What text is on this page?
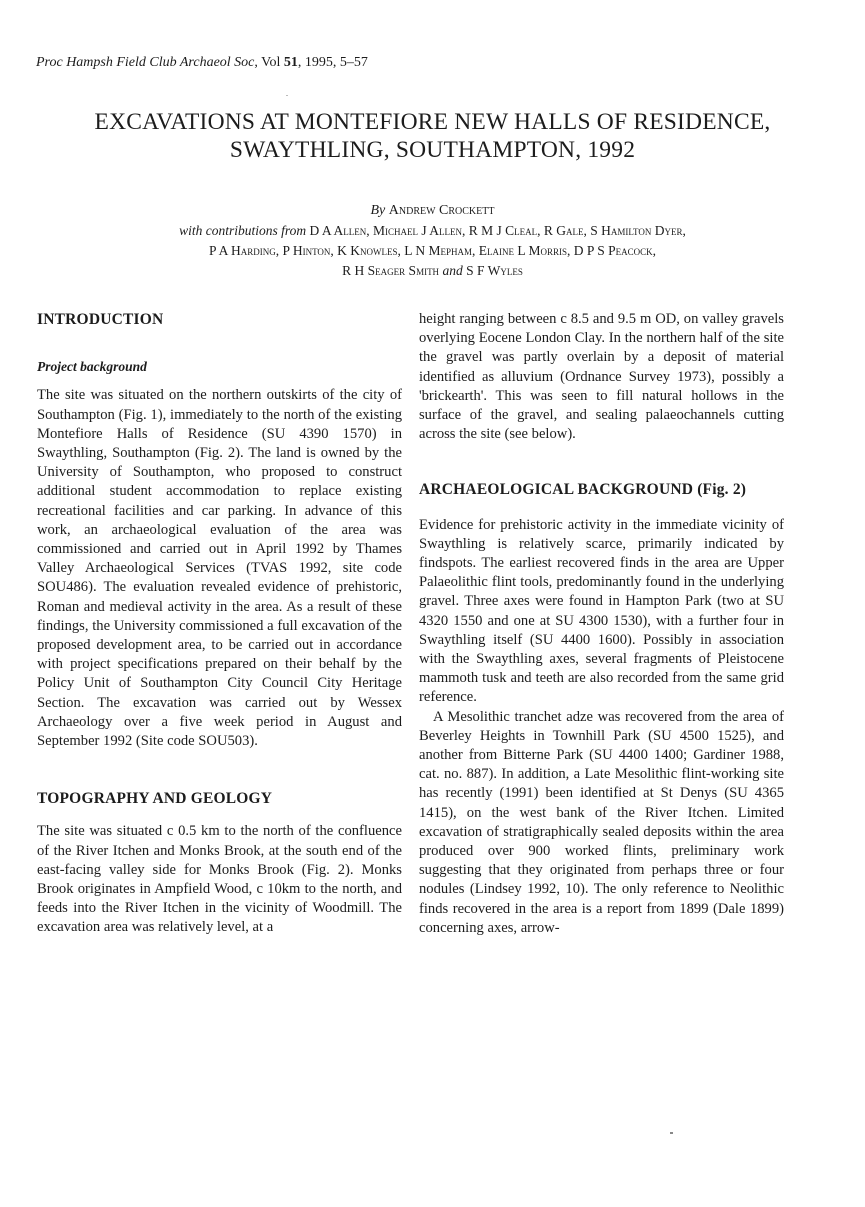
Proc Hampsh Field Club Archaeol Soc, Vol 51, 1995, 5–57
EXCAVATIONS AT MONTEFIORE NEW HALLS OF RESIDENCE,
SWAYTHLING, SOUTHAMPTON, 1992
By Andrew Crockett
with contributions from D A Allen, Michael J Allen, R M J Cleal, R Gale, S Hamilton Dyer,
P A Harding, P Hinton, K Knowles, L N Mepham, Elaine L Morris, D P S Peacock,
R H Seager Smith and S F Wyles
INTRODUCTION
Project background

The site was situated on the northern outskirts of the city of Southampton (Fig. 1), immediately to the north of the existing Montefiore Halls of Residence (SU 4390 1570) in Swaythling, Southampton (Fig. 2). The land is owned by the University of Southampton, who proposed to construct additional student accommodation to replace existing recreational facilities and car parking. In advance of this work, an archaeological evaluation of the area was commissioned and carried out in April 1992 by Thames Valley Archaeological Services (TVAS 1992, site code SOU486). The evaluation revealed evidence of prehistoric, Roman and medieval activity in the area. As a result of these findings, the University commissioned a full excavation of the proposed development area, to be carried out in accordance with project specifications prepared on their behalf by the Policy Unit of Southampton City Council City Heritage Section. The excavation was carried out by Wessex Archaeology over a five week period in August and September 1992 (Site code SOU503).

TOPOGRAPHY AND GEOLOGY

The site was situated c 0.5 km to the north of the confluence of the River Itchen and Monks Brook, at the south end of the east-facing valley side for Monks Brook (Fig. 2). Monks Brook originates in Ampfield Wood, c 10km to the north, and feeds into the River Itchen in the vicinity of Woodmill. The excavation area was relatively level, at a

height ranging between c 8.5 and 9.5 m OD, on valley gravels overlying Eocene London Clay. In the northern half of the site the gravel was partly overlain by a deposit of material identified as alluvium (Ordnance Survey 1973), possibly a 'brickearth'. This was seen to fill natural hollows in the surface of the gravel, and sealing palaeochannels cutting across the site (see below).

ARCHAEOLOGICAL BACKGROUND (Fig. 2)

Evidence for prehistoric activity in the immediate vicinity of Swaythling is relatively scarce, primarily indicated by findspots. The earliest recovered finds in the area are Upper Palaeolithic flint tools, predominantly found in the underlying gravel. Three axes were found in Hampton Park (two at SU 4320 1550 and one at SU 4300 1530), with a further four in Swaythling itself (SU 4400 1600). Possibly in association with the Swaythling axes, several fragments of Pleistocene mammoth tusk and teeth are also recorded from the same grid reference.

A Mesolithic tranchet adze was recovered from the area of Beverley Heights in Townhill Park (SU 4500 1525), and another from Bitterne Park (SU 4400 1400; Gardiner 1988, cat. no. 887). In addition, a Late Mesolithic flint-working site has recently (1991) been identified at St Denys (SU 4365 1415), on the west bank of the River Itchen. Limited excavation of stratigraphically sealed deposits within the area produced over 900 worked flints, preliminary work suggesting that they originated from perhaps three or four nodules (Lindsey 1992, 10). The only reference to Neolithic finds recovered in the area is a report from 1899 (Dale 1899) concerning axes, arrow-
